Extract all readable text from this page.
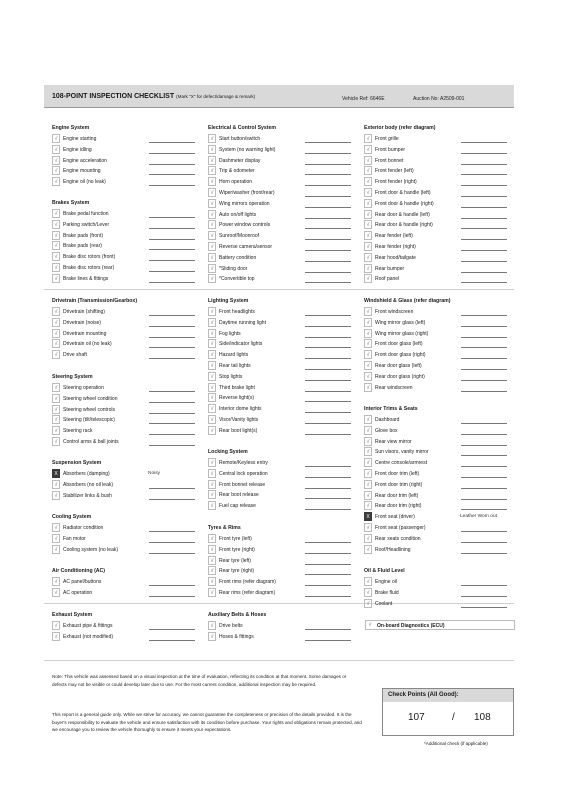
108-POINT INSPECTION CHECKLIST (Mark "X" for defect/damage & remark)	Vehicle Ref: 6646E	Auction No: A2509-001
Engine System
√	Engine starting
√	Engine idling
√	Engine acceleration
√	Engine mounting
√	Engine oil (no leak)
Brakes System
√	Brake pedal function
√	Parking switch/Lever
√	Brake pads (front)
√	Brake pads (rear)
√	Brake disc rotors (front)
√	Brake disc rotors (rear)
√	Brake lines & fittings
Drivetrain (Transmission/Gearbox)
√	Drivetrain (shifting)
√	Drivetrain (noise)
√	Drivetrain mounting
√	Drivetrain oil (no leak)
√	Drive shaft
Steering System
√	Steering operation
√	Steering wheel condition
√	Steering wheel controls
√	Steering (tilt/telescopic)
√	Steering rack
√	Control arms & ball joints
Suspension System
X	Absorbers (damping)	Noisy
√	Absorbers (no oil leak)
√	Stabilizer links & bush
Cooling System
√	Radiator condition
√	Fan motor
√	Cooling system (no leak)
Air Conditioning (AC)
√	AC panel/buttons
√	AC operation
Exhaust System
√	Exhaust pipe & fittings
√	Exhaust (not modified)
Electrical & Control System
√	Start button/switch
√	System (no warning light)
√	Dashmeter display
√	Trip & odometer
√	Horn operation
√	Wiper/washer (front/rear)
√	Wing mirrors operation
√	Auto on/off lights
√	Power window controls
√	Sunroof/Moonroof
√	Reverse camera/sensor
√	Battery condition
√	*Sliding door
√	*Convertible top
Lighting System
√	Front headlights
√	Daytime running light
√	Fog lights
√	Side/indicator lights
√	Hazard lights
√	Rear tail lights
√	Stop lights
√	Third brake light
√	Reverse light(s)
√	Interior dome lights
√	Visor/Vanity lights
√	Rear boot light(s)
Locking System
√	Remote/Keyless entry
√	Central lock operation
√	Front bonnet release
√	Rear boot release
√	Fuel cap release
Tyres & Rims
√	Front tyre (left)
√	Front tyre (right)
√	Rear tyre (left)
√	Rear tyre (right)
√	Front rims (refer diagram)
√	Rear rims (refer diagram)
Auxiliary Belts & Hoses
√	Drive belts
√	Hoses & fittings
Exterior body (refer diagram)
√	Front grille
√	Front bumper
√	Front bonnet
√	Front fender (left)
√	Front fender (right)
√	Front door & handle (left)
√	Front door & handle (right)
√	Rear door & handle (left)
√	Rear door & handle (right)
√	Rear fender (left)
√	Rear fender (right)
√	Rear hood/tailgate
√	Rear bumper
√	Roof panel
Windshield & Glass (refer diagram)
√	Front windscreen
√	Wing mirror glass (left)
√	Wing mirror glass (right)
√	Front door glass (left)
√	Front door glass (right)
√	Rear door glass (left)
√	Rear door glass (right)
√	Rear windscreen
Interior Trims & Seats
√	Dashboard
√	Glove box
√	Rear view mirror
√	Sun visors, vanity mirror
√	Centre console/armrest
√	Front door trim (left)
√	Front door trim (right)
√	Rear door trim (left)
√	Rear door trim (right)
X	Front seat (driver)	Leather Worn out
√	Front seat (passenger)
√	Rear seats condition
√	Roof/Headlining
Oil & Fluid Level
√	Engine oil
√	Brake fluid
√	Coolant
√	On-board Diagnostics (ECU)
Note: This vehicle was assessed based on a visual inspection at the time of evaluation, reflecting its condition at that moment. Some damages or defects may not be visible or could develop later due to use. For the most current condition, additional inspection may be required.
This report is a general guide only. While we strive for accuracy, we cannot guarantee the completeness or precision of the details provided. It is the buyer's responsibility to evaluate the vehicle and ensure satisfaction with its condition before purchase. Your rights and obligations remain protected, and we encourage you to review the vehicle thoroughly to ensure it meets your expectations.
Check Points (All Good):
107	/ 108
*Additional check (if applicable)
